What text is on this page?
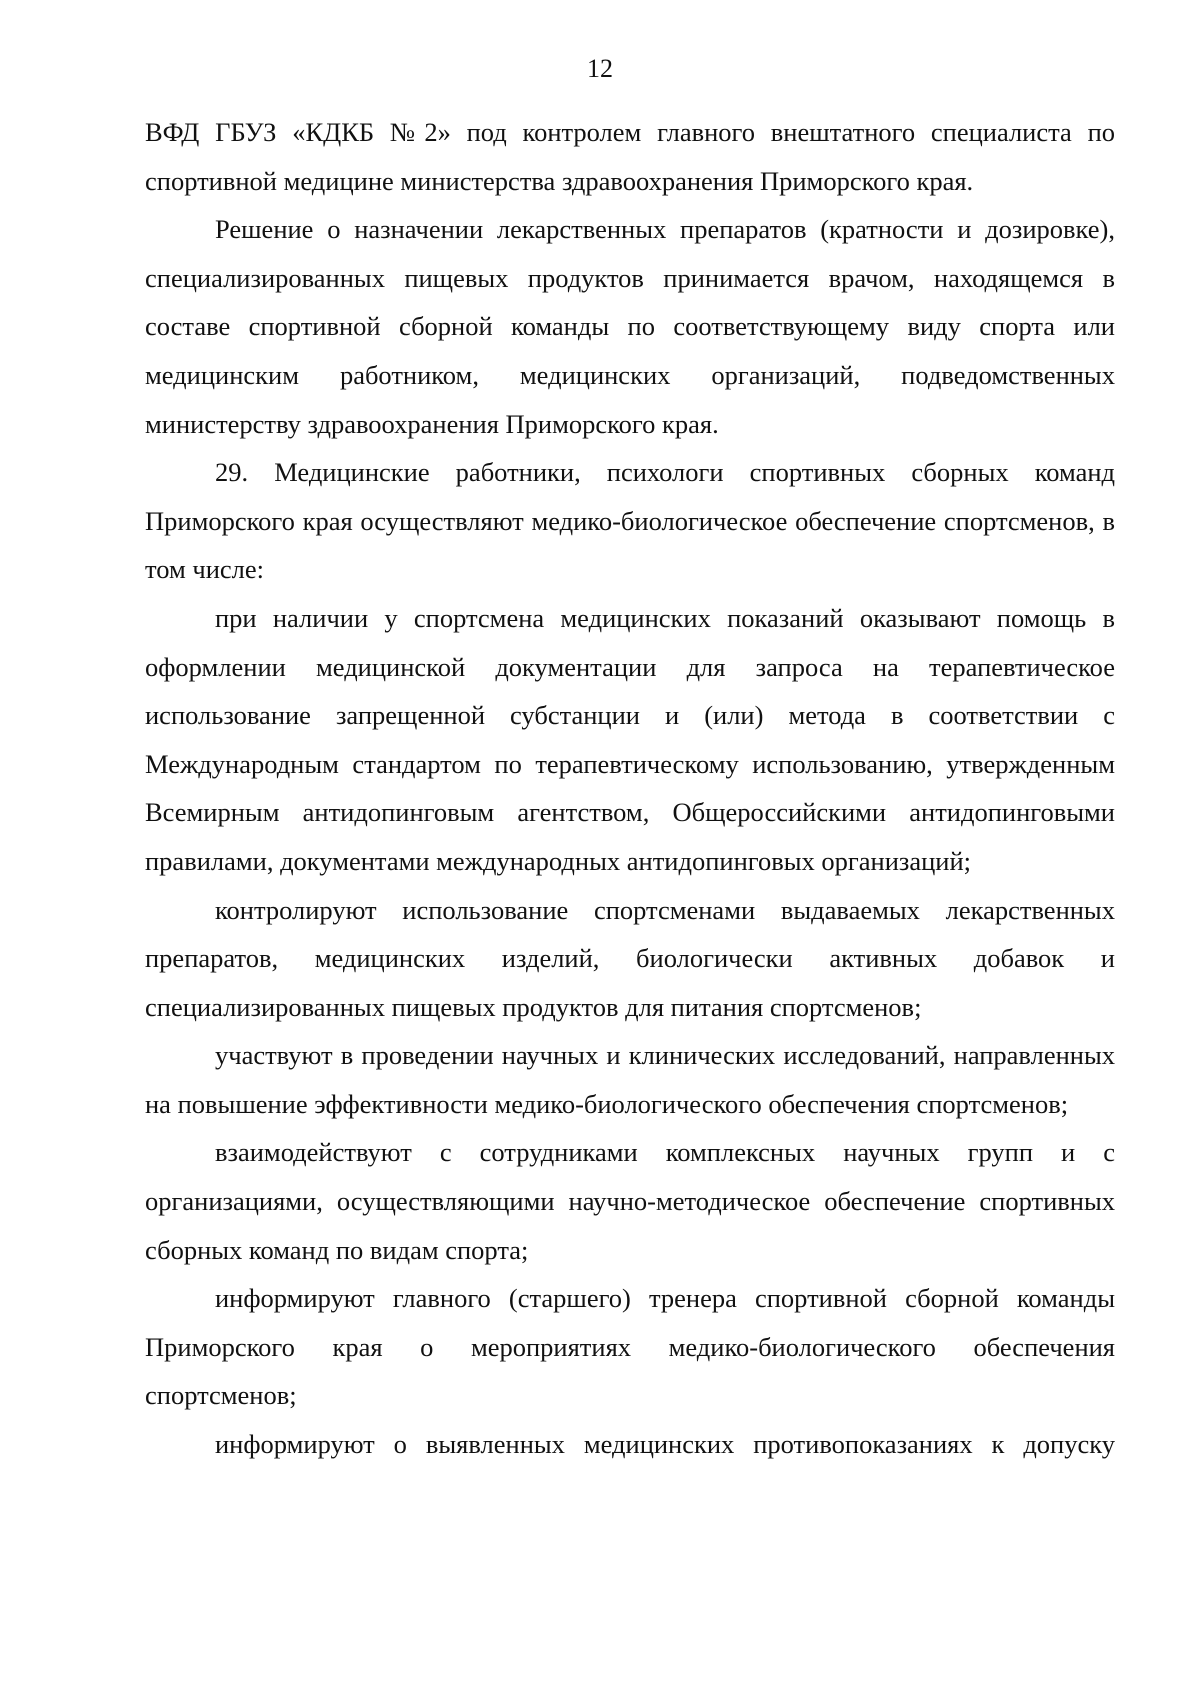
12

ВФД ГБУЗ «КДКБ №2» под контролем главного внештатного специалиста по спортивной медицине министерства здравоохранения Приморского края.

Решение о назначении лекарственных препаратов (кратности и дозировке), специализированных пищевых продуктов принимается врачом, находящемся в составе спортивной сборной команды по соответствующему виду спорта или медицинским работником, медицинских организаций, подведомственных министерству здравоохранения Приморского края.

29. Медицинские работники, психологи спортивных сборных команд Приморского края осуществляют медико-биологическое обеспечение спортсменов, в том числе:

при наличии у спортсмена медицинских показаний оказывают помощь в оформлении медицинской документации для запроса на терапевтическое использование запрещенной субстанции и (или) метода в соответствии с Международным стандартом по терапевтическому использованию, утвержденным Всемирным антидопинговым агентством, Общероссийскими антидопинговыми правилами, документами международных антидопинговых организаций;

контролируют использование спортсменами выдаваемых лекарственных препаратов, медицинских изделий, биологически активных добавок и специализированных пищевых продуктов для питания спортсменов;

участвуют в проведении научных и клинических исследований, направленных на повышение эффективности медико-биологического обеспечения спортсменов;

взаимодействуют с сотрудниками комплексных научных групп и с организациями, осуществляющими научно-методическое обеспечение спортивных сборных команд по видам спорта;

информируют главного (старшего) тренера спортивной сборной команды Приморского края о мероприятиях медико-биологического обеспечения спортсменов;

информируют о выявленных медицинских противопоказаниях к допуску
